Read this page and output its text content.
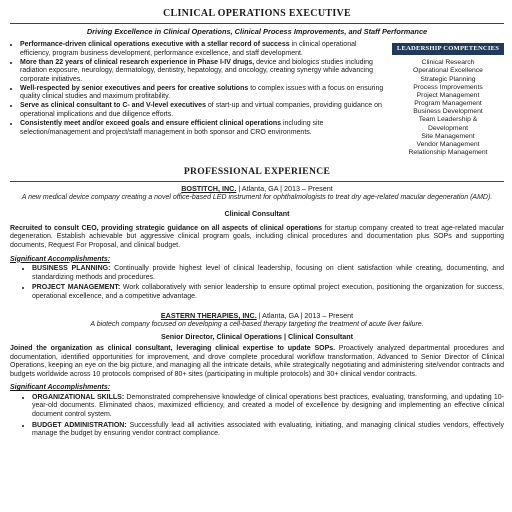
CLINICAL OPERATIONS EXECUTIVE
Driving Excellence in Clinical Operations, Clinical Process Improvements, and Staff Performance
• Performance-driven clinical operations executive with a stellar record of success in clinical operational efficiency, program business development, performance excellence, and staff development.
• More than 22 years of clinical research experience in Phase I-IV drugs, device and biologics studies including radiation exposure, neurology, dermatology, dentistry, hepatology, and oncology, creating synergy while advancing corporate initiatives.
• Well-respected by senior executives and peers for creative solutions to complex issues with a focus on ensuring quality clinical studies and maximum profitability.
• Serve as clinical consultant to C- and V-level executives of start-up and virtual companies, providing guidance on operational implications and due diligence efforts.
• Consistently meet and/or exceed goals and ensure efficient clinical operations including site selection/management and project/staff management in both sponsor and CRO environments.
LEADERSHIP COMPETENCIES
Clinical Research
Operational Excellence
Strategic Planning
Process Improvements
Project Management
Program Management
Business Development
Team Leadership &
Development
Site Management
Vendor Management
Relationship Management
PROFESSIONAL EXPERIENCE
BOSTITCH, INC. | Atlanta, GA | 2013 – Present
A new medical device company creating a novel office-based LED instrument for ophthalmologists to treat dry age-related macular degeneration (AMD).
Clinical Consultant
Recruited to consult CEO, providing strategic guidance on all aspects of clinical operations for startup company created to treat age-related macular degeneration. Establish achievable but aggressive clinical program goals, including clinical procedures and documentation plus SOPs and supporting documents, Request For Proposal, and clinical budget.
Significant Accomplishments:
• BUSINESS PLANNING: Continually provide highest level of clinical leadership, focusing on client satisfaction while creating, documenting, and standardizing methods and procedures.
• PROJECT MANAGEMENT: Work collaboratively with senior leadership to ensure optimal project execution, positioning the organization for success, operational excellence, and a competitive advantage.
EASTERN THERAPIES, INC. | Atlanta, GA | 2013 – Present
A biotech company focused on developing a cell-based therapy targeting the treatment of acute liver failure.
Senior Director, Clinical Operations | Clinical Consultant
Joined the organization as clinical consultant, leveraging clinical expertise to update SOPs. Proactively analyzed departmental procedures and documentation, identified opportunities for improvement, and drove complete procedural workflow transformation. Advanced to Senior Director of Clinical Operations, keeping an eye on the big picture, and managing all the intricate details, while strategically negotiating and administering site/vendor contracts and budgets worldwide across 10 protocols comprised of 80+ sites (participating in multiple protocols) and 30+ clinical vendor contracts.
Significant Accomplishments:
• ORGANIZATIONAL SKILLS: Demonstrated comprehensive knowledge of clinical operations best practices, evaluating, transforming, and updating 10-year-old documents. Eliminated chaos, maximized efficiency, and created a model of excellence by designing and implementing an effective clinical document control system.
• BUDGET ADMINISTRATION: Successfully lead all activities associated with evaluating, initiating, and managing clinical studies vendors, effectively manage the budget by ensuring vendor contract compliance.
